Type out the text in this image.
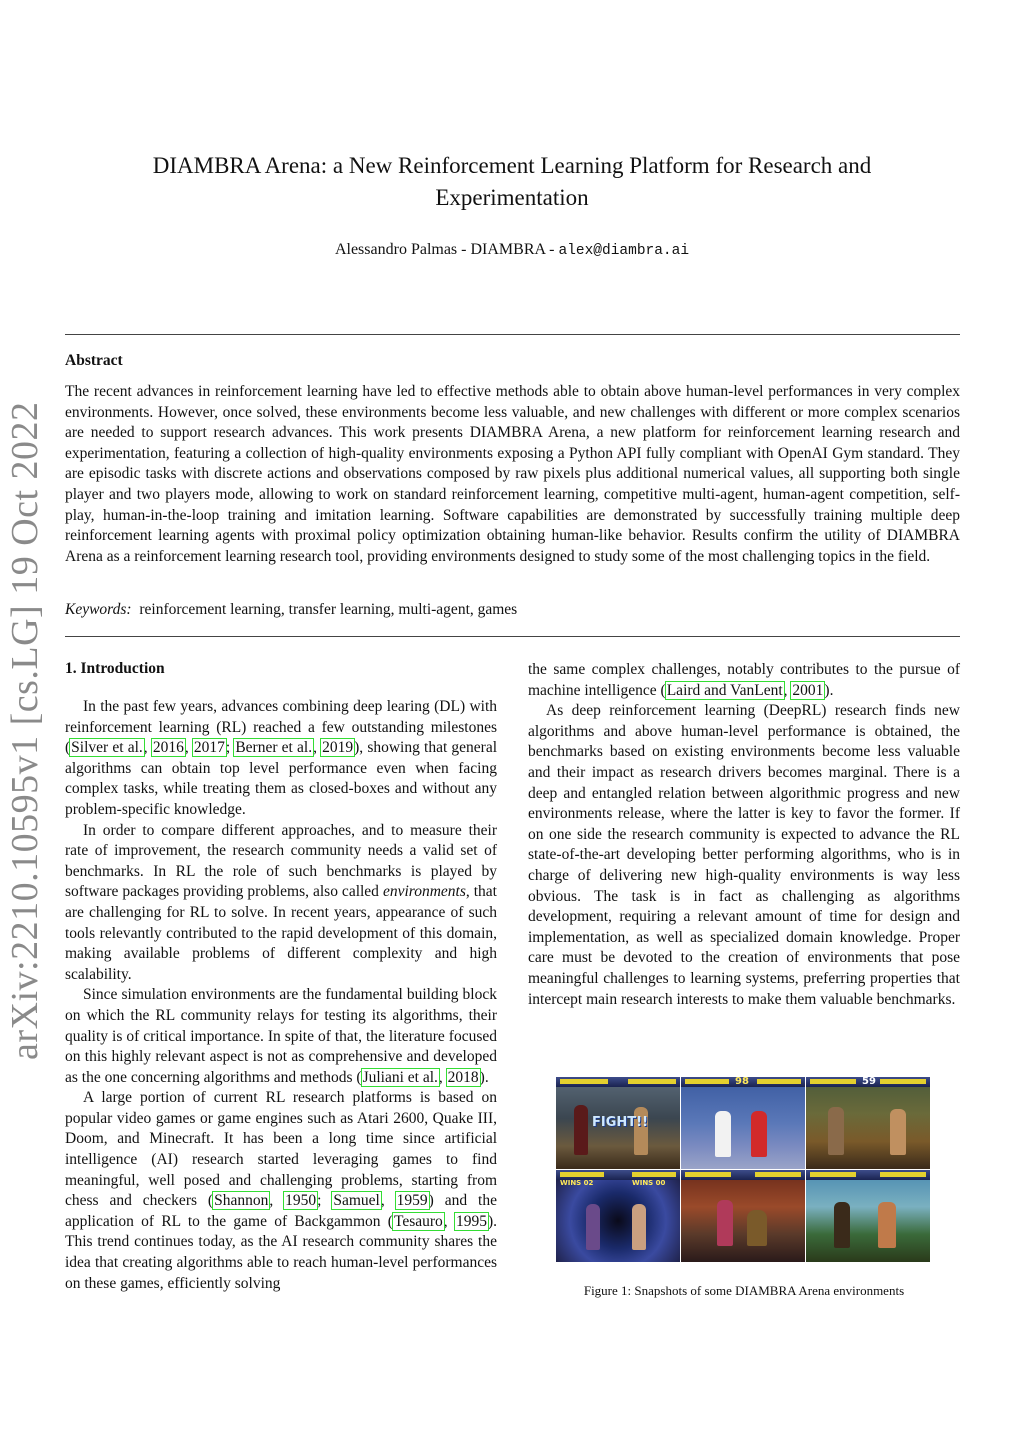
arXiv:2210.10595v1 [cs.LG] 19 Oct 2022
DIAMBRA Arena: a New Reinforcement Learning Platform for Research and Experimentation
Alessandro Palmas - DIAMBRA - alex@diambra.ai
Abstract

The recent advances in reinforcement learning have led to effective methods able to obtain above human-level performances in very complex environments. However, once solved, these environments become less valuable, and new challenges with different or more complex scenarios are needed to support research advances. This work presents DIAMBRA Arena, a new platform for reinforcement learning research and experimentation, featuring a collection of high-quality environments exposing a Python API fully compliant with OpenAI Gym standard. They are episodic tasks with discrete actions and observations composed by raw pixels plus additional numerical values, all supporting both single player and two players mode, allowing to work on standard reinforcement learning, competitive multi-agent, human-agent competition, self-play, human-in-the-loop training and imitation learning. Software capabilities are demonstrated by successfully training multiple deep reinforcement learning agents with proximal policy optimization obtaining human-like behavior. Results confirm the utility of DIAMBRA Arena as a reinforcement learning research tool, providing environments designed to study some of the most challenging topics in the field.

Keywords: reinforcement learning, transfer learning, multi-agent, games
1. Introduction

In the past few years, advances combining deep learing (DL) with reinforcement learning (RL) reached a few outstanding milestones (Silver et al., 2016, 2017; Berner et al., 2019), showing that general algorithms can obtain top level performance even when facing complex tasks, while treating them as closed-boxes and without any problem-specific knowledge.

In order to compare different approaches, and to measure their rate of improvement, the research community needs a valid set of benchmarks. In RL the role of such benchmarks is played by software packages providing problems, also called environments, that are challenging for RL to solve. In recent years, appearance of such tools relevantly contributed to the rapid development of this domain, making available problems of different complexity and high scalability.

Since simulation environments are the fundamental building block on which the RL community relays for testing its algorithms, their quality is of critical importance. In spite of that, the literature focused on this highly relevant aspect is not as comprehensive and developed as the one concerning algorithms and methods (Juliani et al., 2018).

A large portion of current RL research platforms is based on popular video games or game engines such as Atari 2600, Quake III, Doom, and Minecraft. It has been a long time since artificial intelligence (AI) research started leveraging games to find meaningful, well posed and challenging problems, starting from chess and checkers (Shannon, 1950; Samuel, 1959) and the application of RL to the game of Backgammon (Tesauro, 1995). This trend continues today, as the AI research community shares the idea that creating algorithms able to reach human-level performances on these games, efficiently solving

the same complex challenges, notably contributes to the pursue of machine intelligence (Laird and VanLent, 2001).

As deep reinforcement learning (DeepRL) research finds new algorithms and above human-level performance is obtained, the benchmarks based on existing environments become less valuable and their impact as research drivers becomes marginal. There is a deep and entangled relation between algorithmic progress and new environments release, where the latter is key to favor the former. If on one side the research community is expected to advance the RL state-of-the-art developing better performing algorithms, who is in charge of delivering new high-quality environments is way less obvious. The task is in fact as challenging as algorithms development, requiring a relevant amount of time for design and implementation, as well as specialized domain knowledge. Proper care must be devoted to the creation of environments that pose meaningful challenges to learning systems, preferring properties that intercept main research interests to make them valuable benchmarks.

FIGHT!!
98	59
WINS 02	WINS 00
Figure 1: Snapshots of some DIAMBRA Arena environments
